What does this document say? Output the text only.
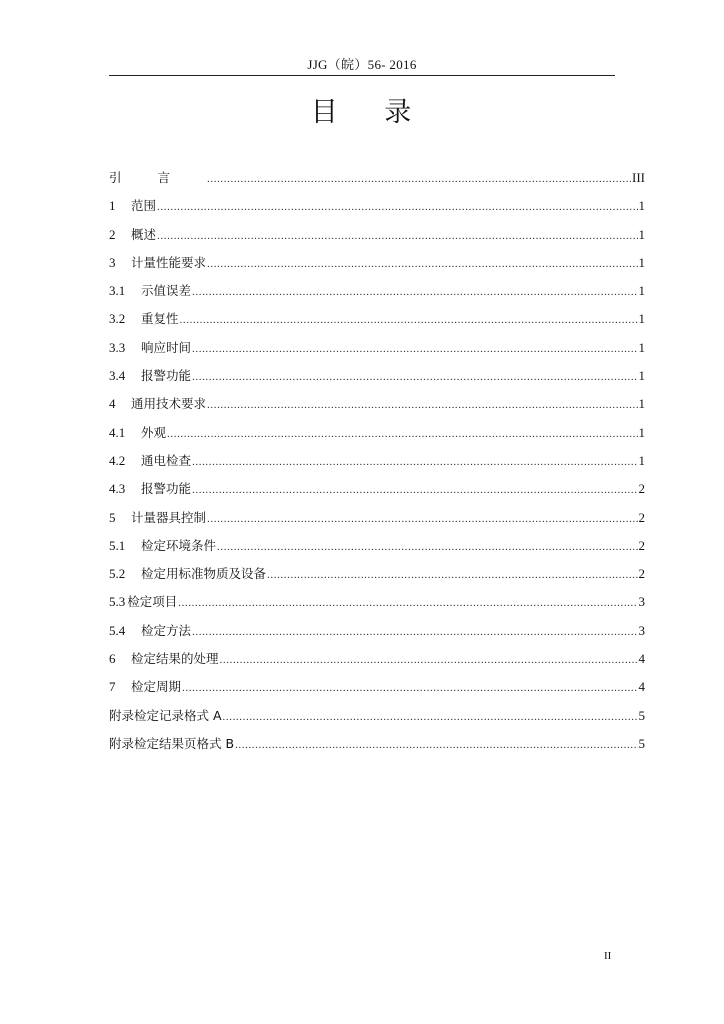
JJG（皖）56- 2016
目 录
引言 .....	III
1	范围 .....	1
2	概述 .....	1
3	计量性能要求 .....	1
3.1	示值误差 .....	1
3.2	重复性 .....	1
3.3	响应时间 .....	1
3.4	报警功能 .....	1
4	通用技术要求 .....	1
4.1	外观 .....	1
4.2	通电检查 .....	1
4.3	报警功能 .....	2
5	计量器具控制 .....	2
5.1	检定环境条件 .....	2
5.2	检定用标准物质及设备 .....	2
5.3 检定项目 .....	3
5.4	检定方法 .....	3
6	检定结果的处理 .....	4
7	检定周期 .....	4
附录检定记录格式 A .....	5
附录检定结果页格式 B .....	5
II
